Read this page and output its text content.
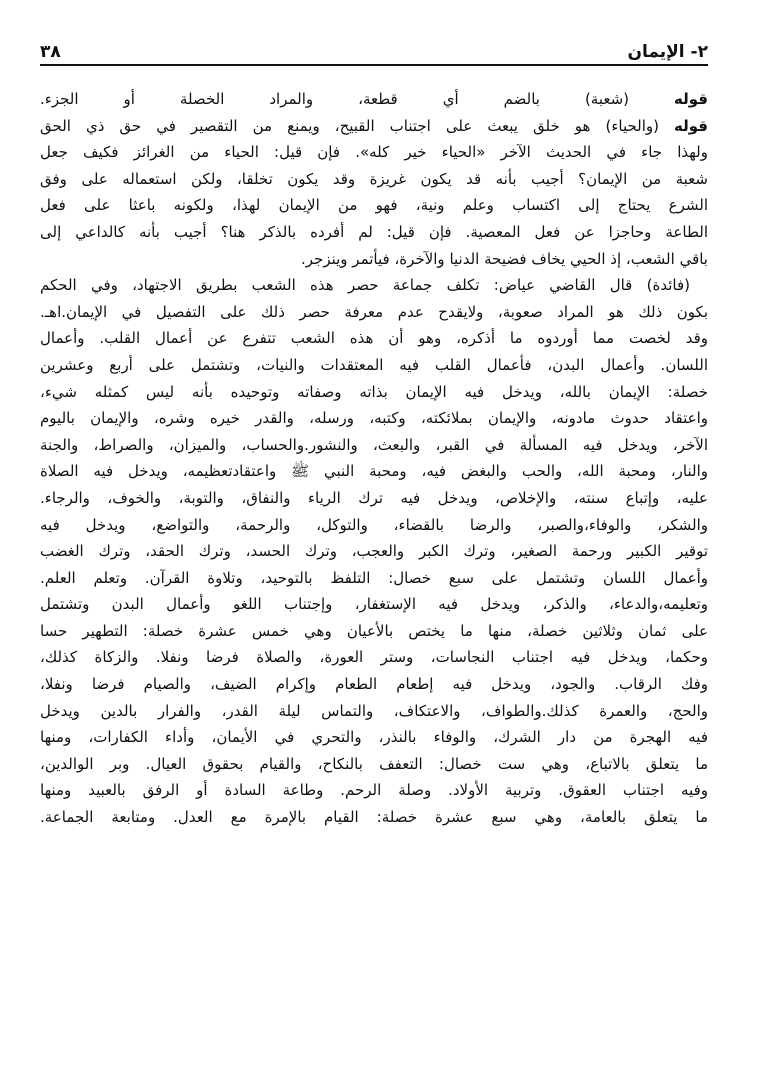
٢- الإيمان
٣٨
قوله (شعبة) بالضم أي قطعة، والمراد الخصلة أو الجزء.
قوله (والحياء) هو خلق يبعث على اجتناب القبيح، ويمنع من التقصير في حق ذي الحق
ولهذا جاء في الحديث الآخر «الحياء خير كله». فإن قيل: الحياء من الغرائز فكيف جعل
شعبة من الإيمان؟ أجيب بأنه قد يكون غريزة وقد يكون تخلقا، ولكن استعماله على وفق
الشرع يحتاج إلى اكتساب وعلم ونية، فهو من الإيمان لهذا، ولكونه باعثا على فعل
الطاعة وحاجزا عن فعل المعصية. فإن قيل: لم أفرده بالذكر هنا؟ أجيب بأنه كالداعي إلى
باقي الشعب، إذ الحيي يخاف فضيحة الدنيا والآخرة، فيأتمر وينزجر.
(فائدة) قال القاضي عياض: تكلف جماعة حصر هذه الشعب بطريق الاجتهاد، وفي الحكم
بكون ذلك هو المراد صعوبة، ولايقدح عدم معرفة حصر ذلك على التفصيل في الإيمان.اهـ.
وقد لخصت مما أوردوه ما أذكره، وهو أن هذه الشعب تتفرع عن أعمال القلب. وأعمال
اللسان. وأعمال البدن، فأعمال القلب فيه المعتقدات والنيات، وتشتمل على أربع وعشرين
خصلة: الإيمان بالله، ويدخل فيه الإيمان بذاته وصفاته وتوحيده بأنه ليس كمثله شيء،
واعتقاد حدوث مادونه، والإيمان بملائكته، وكتبه، ورسله، والقدر خيره وشره، والإيمان باليوم
الآخر، ويدخل فيه المسألة في القبر، والبعث، والنشور.والحساب، والميزان، والصراط، والجنة
والنار، ومحبة الله، والحب والبغض فيه، ومحبة النبي ﷺ واعتقادتعظيمه، ويدخل فيه الصلاة
عليه، وإتباع سنته، والإخلاص، ويدخل فيه ترك الرياء والنفاق، والتوبة، والخوف، والرجاء.
والشكر، والوفاء،والصبر، والرضا بالقضاء، والتوكل، والرحمة، والتواضع، ويدخل فيه
توقير الكبير ورحمة الصغير، وترك الكبر والعجب، وترك الحسد، وترك الحقد، وترك الغضب
وأعمال اللسان وتشتمل على سبع خصال: التلفظ بالتوحيد، وتلاوة القرآن. وتعلم العلم.
وتعليمه،والدعاء، والذكر، ويدخل فيه الإستغفار، وإجتناب اللغو وأعمال البدن وتشتمل
على ثمان وثلاثين خصلة، منها ما يختص بالأعيان وهي خمس عشرة خصلة: التطهير حسا
وحكما، ويدخل فيه اجتناب النجاسات، وستر العورة، والصلاة فرضا ونفلا. والزكاة كذلك،
وفك الرقاب. والجود، ويدخل فيه إطعام الطعام وإكرام الضيف، والصيام فرضا ونفلا،
والحج، والعمرة كذلك.والطواف، والاعتكاف، والتماس ليلة القدر، والفرار بالدين ويدخل
فيه الهجرة من دار الشرك، والوفاء بالنذر، والتحري في الأيمان، وأداء الكفارات، ومنها
ما يتعلق بالاتباع، وهي ست خصال: التعفف بالنكاح، والقيام بحقوق العيال. وبر الوالدين،
وفيه اجتناب العقوق. وتربية الأولاد. وصلة الرحم. وطاعة السادة أو الرفق بالعبيد ومنها
ما يتعلق بالعامة، وهي سبع عشرة خصلة: القيام بالإمرة مع العدل. ومتابعة الجماعة.
